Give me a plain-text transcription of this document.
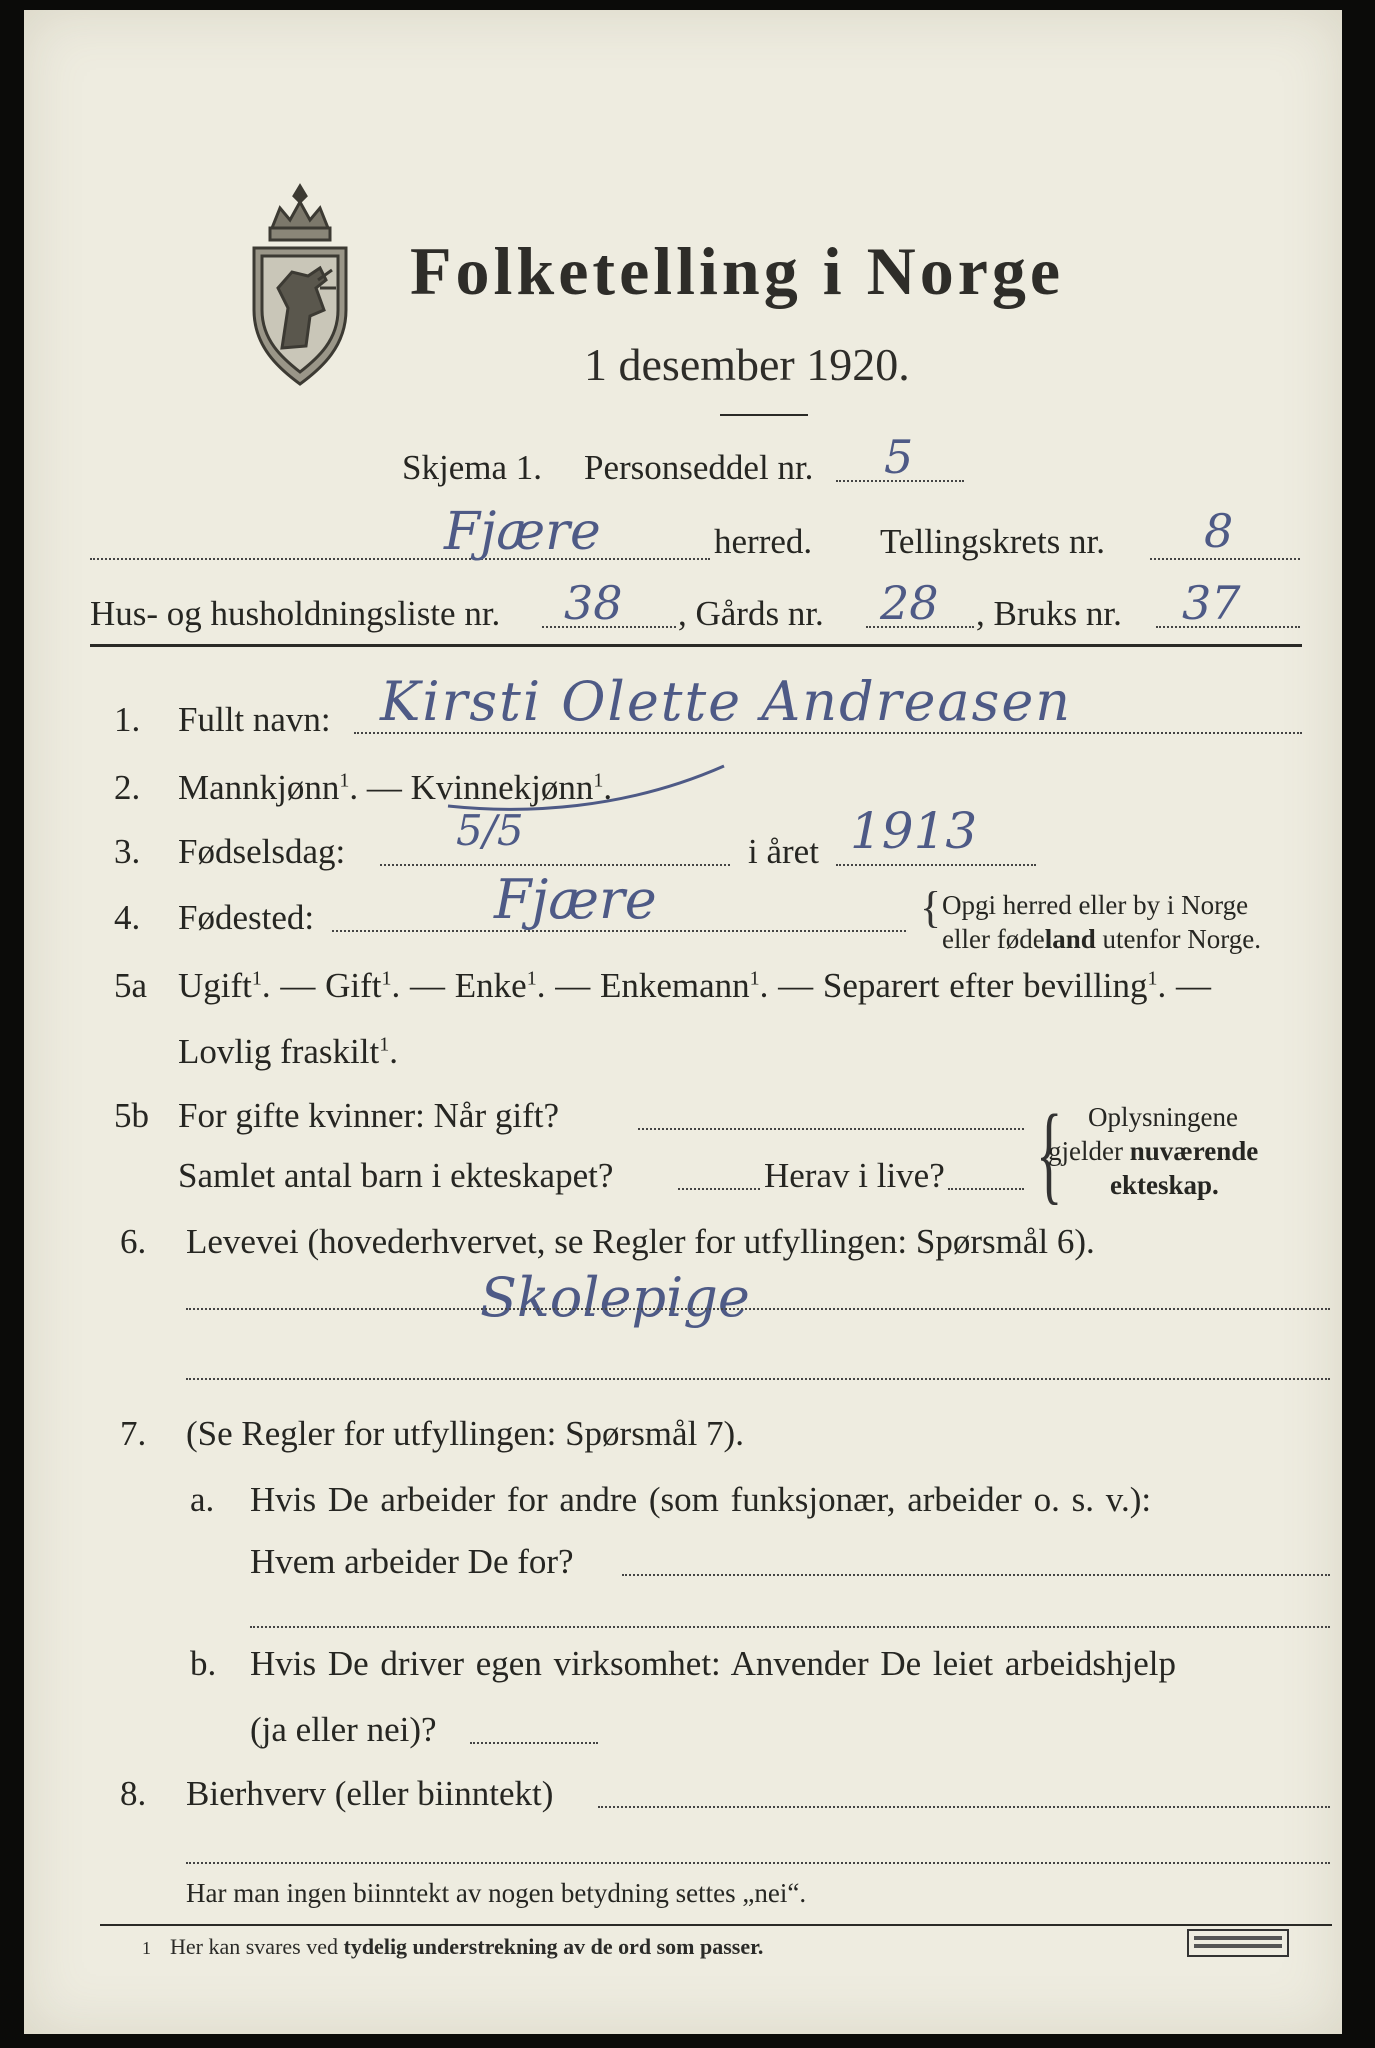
Folketelling i Norge
1 desember 1920.
Skjema 1. Personseddel nr. 5
Fjære	herred. Tellingskrets nr. 8
Hus- og husholdningsliste nr. 38 , Gårds nr. 28 , Bruks nr. 37
1. Fullt navn: Kirsti Olette Andreasen
2. Mannkjønn$^1$. — Kvinnekjønn$^1$.
3. Fødselsdag:	5/5	i året 1913
4. Fødested:	Fjære	{ Opgi herred eller by i Norge
eller fødeland utenfor Norge.
5a Ugift$^1$. — Gift$^1$. — Enke$^1$. — Enkemann$^1$. — Separert efter bevilling$^1$. —
Lovlig fraskilt$^1$.
5b For gifte kvinner: Når gift?
Samlet antal barn i ekteskapet?	Herav i live? { Oplysningene
gjelder nuværende
ekteskap.
6. Levevei (hovederhvervet, se Regler for utfyllingen: Spørsmål 6).
Skolepige
7. (Se Regler for utfyllingen: Spørsmål 7).
a. Hvis De arbeider for andre (som funksjonær, arbeider o. s. v.):
Hvem arbeider De for?
b. Hvis De driver egen virksomhet: Anvender De leiet arbeidshjelp
(ja eller nei)?
8. Bierhverv (eller biinntekt)
Har man ingen biinntekt av nogen betydning settes „nei“.
1 Her kan svares ved tydelig understrekning av de ord som passer.
